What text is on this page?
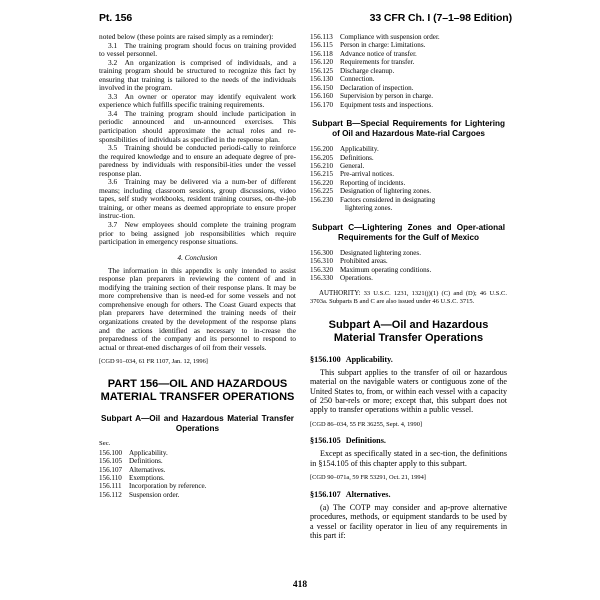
Pt. 156	33 CFR Ch. I (7–1–98 Edition)

noted below (these points are raised simply as a reminder):

3.1 The training program should focus on training provided to vessel personnel.

3.2 An organization is comprised of individuals, and a training program should be structured to recognize this fact by ensuring that training is tailored to the needs of the individuals involved in the program.

3.3 An owner or operator may identify equivalent work experience which fulfills specific training requirements.

3.4 The training program should include participation in periodic announced and un-announced exercises. This participation should approximate the actual roles and re-sponsibilities of individuals as specified in the response plan.

3.5 Training should be conducted periodi-cally to reinforce the required knowledge and to ensure an adequate degree of pre-paredness by individuals with responsibil-ities under the vessel response plan.

3.6 Training may be delivered via a num-ber of different means; including classroom sessions, group discussions, video tapes, self study workbooks, resident training courses, on-the-job training, or other means as deemed appropriate to ensure proper instruc-tion.

3.7 New employees should complete the training program prior to being assigned job responsibilities which require participation in emergency response situations.

4. Conclusion

The information in this appendix is only intended to assist response plan preparers in reviewing the content of and in modifying the training section of their response plans. It may be more comprehensive than is need-ed for some vessels and not comprehensive enough for others. The Coast Guard expects that plan preparers have determined the training needs of their organizations created by the development of the response plans and the actions identified as necessary to in-crease the preparedness of the company and its personnel to respond to actual or threat-ened discharges of oil from their vessels.

[CGD 91–034, 61 FR 1107, Jan. 12, 1996]
PART 156—OIL AND HAZARDOUS
MATERIAL TRANSFER OPERATIONS
Subpart A—Oil and Hazardous Material Transfer Operations
Sec.
156.100 Applicability.
156.105 Definitions.
156.107 Alternatives.
156.110	Exemptions.
156.111	Incorporation by reference.
156.112	Suspension order.
156.113	Compliance with suspension order.
156.115	Person in charge: Limitations.
156.118	Advance notice of transfer.
156.120 Requirements for transfer.
156.125 Discharge cleanup.
156.130 Connection.
156.150 Declaration of inspection.
156.160 Supervision by person in charge.
156.170 Equipment tests and inspections.
Subpart B—Special Requirements for Lightering of Oil and Hazardous Mate-rial Cargoes
156.200 Applicability.
156.205 Definitions.
156.210 General.
156.215 Pre-arrival notices.
156.220 Reporting of incidents.
156.225 Designation of lightering zones.
156.230 Factors considered in designating
lightering zones.
Subpart C—Lightering Zones and Oper-ational Requirements for the Gulf of Mexico
156.300 Designated lightering zones.
156.310 Prohibited areas.
156.320 Maximum operating conditions.
156.330 Operations.

AUTHORITY: 33 U.S.C. 1231, 1321(j)(1) (C) and (D); 46 U.S.C. 3703a. Subparts B and C are also issued under 46 U.S.C. 3715.

Subpart A—Oil and Hazardous
Material Transfer Operations
§156.100 Applicability.

This subpart applies to the transfer of oil or hazardous material on the navigable waters or contiguous zone of the United States to, from, or within each vessel with a capacity of 250 bar-rels or more; except that, this subpart does not apply to transfer operations within a public vessel.

[CGD 86–034, 55 FR 36255, Sept. 4, 1990]
§156.105 Definitions.

Except as specifically stated in a sec-tion, the definitions in §154.105 of this chapter apply to this subpart.

[CGD 90–071a, 59 FR 53291, Oct. 21, 1994]
§156.107 Alternatives.

(a) The COTP may consider and ap-prove alternative procedures, methods, or equipment standards to be used by a vessel or facility operator in lieu of any requirements in this part if:

418
